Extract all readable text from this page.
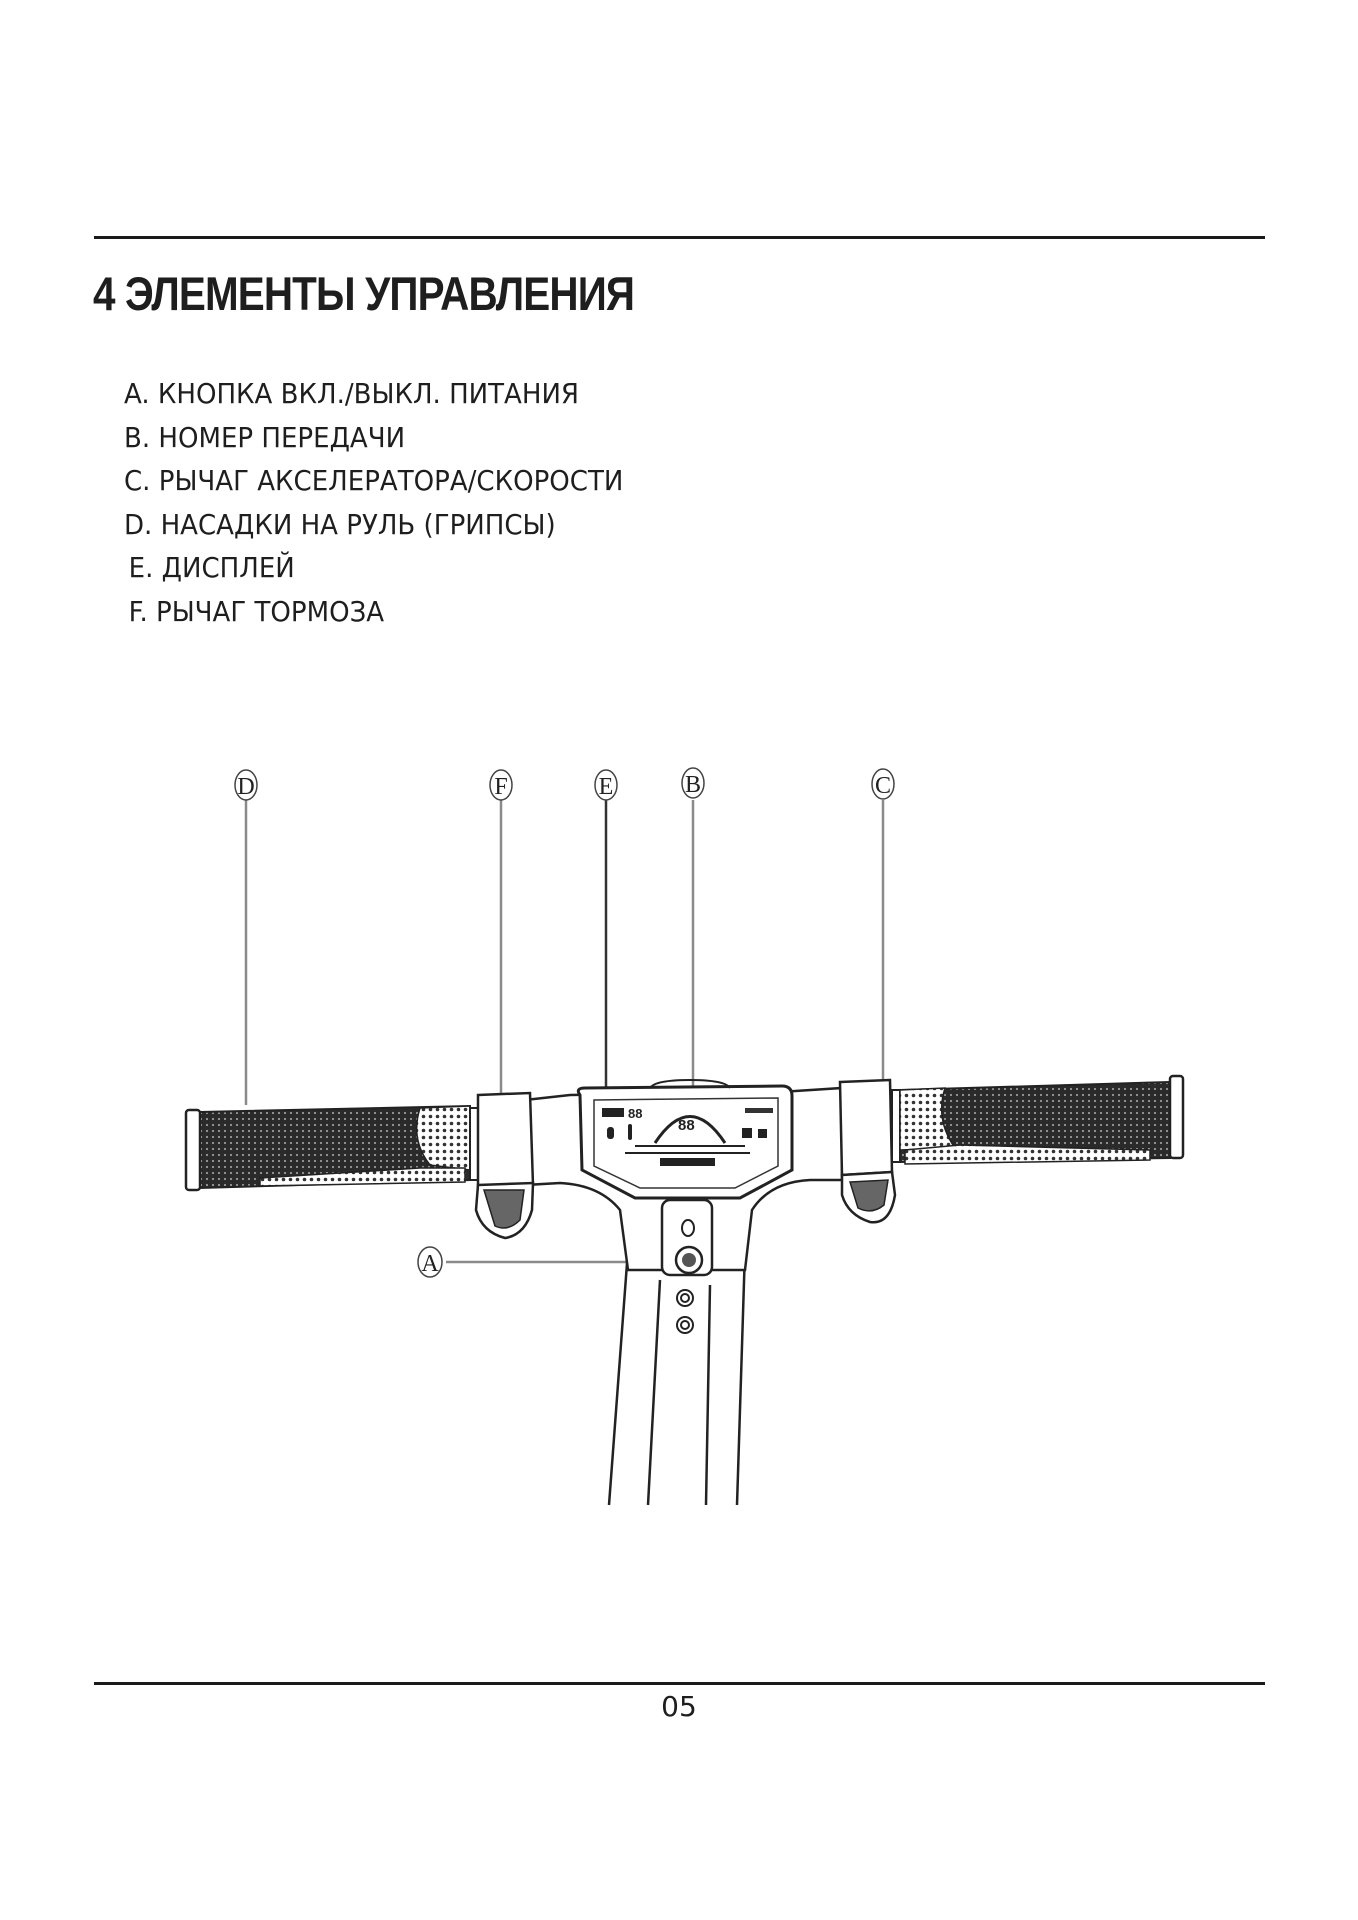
4 ЭЛЕМЕНТЫ УПРАВЛЕНИЯ
A. КНОПКА ВКЛ./ВЫКЛ. ПИТАНИЯ
B. НОМЕР ПЕРЕДАЧИ
C. РЫЧАГ АКСЕЛЕРАТОРА/СКОРОСТИ
D. НАСАДКИ НА РУЛЬ (ГРИПСЫ)
E. ДИСПЛЕЙ
F. РЫЧАГ ТОРМОЗА
D	F	E	B	C
A
88
88
05
